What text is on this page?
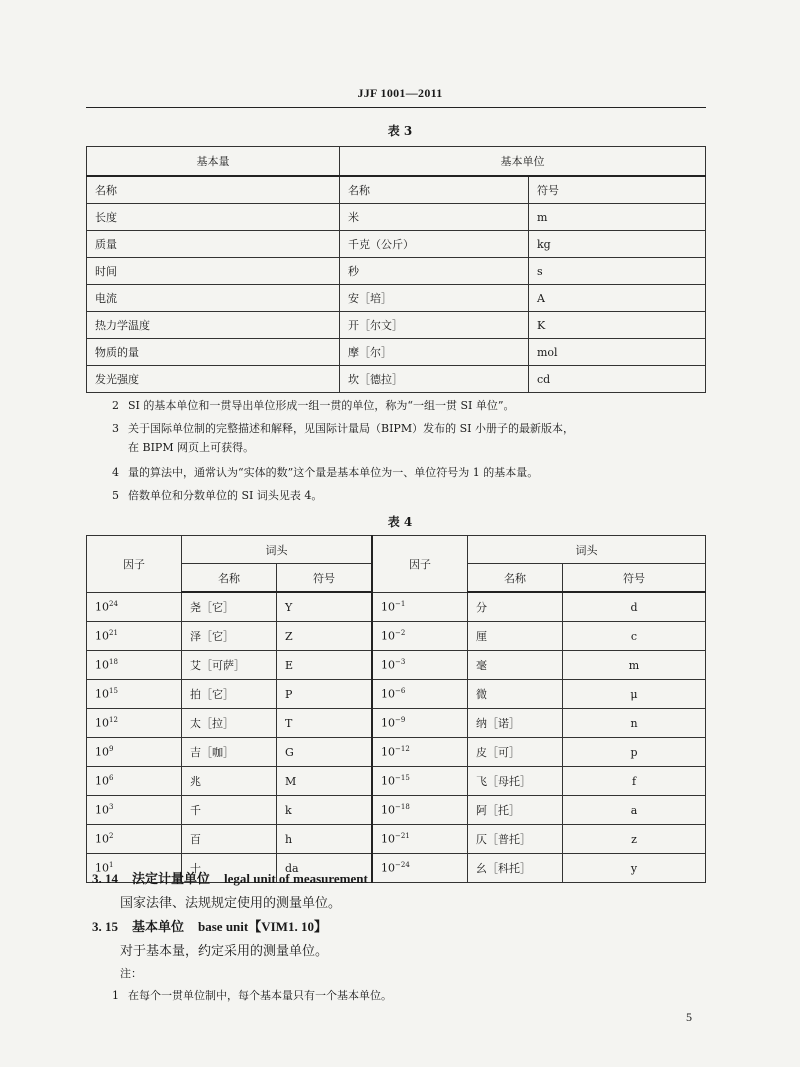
JJF 1001—2011
表 3
基本量	基本单位	
名称	名称	符号
长度	米	m
质量	千克（公斤）	kg
时间	秒	s
电流	安［培］	A
热力学温度	开［尔文］	K
物质的量	摩［尔］	mol
发光强度	坎［德拉］	cd
2 SI 的基本单位和一贯导出单位形成一组一贯的单位，称为“一组一贯 SI 单位”。
3 关于国际单位制的完整描述和解释，见国际计量局（BIPM）发布的 SI 小册子的最新版本，
在 BIPM 网页上可获得。
4 量的算法中，通常认为“实体的数”这个量是基本单位为一、单位符号为 1 的基本量。
5 倍数单位和分数单位的 SI 词头见表 4。
表 4
因子	词头		因子	词头	
	名称	符号		名称	符号
$10^{24}$	尧［它］	Y	$10^{-1}$	分	d
$10^{21}$	泽［它］	Z	$10^{-2}$	厘	c
$10^{18}$	艾［可萨］	E	$10^{-3}$	毫	m
$10^{15}$	拍［它］	P	$10^{-6}$	微	μ
$10^{12}$	太［拉］	T	$10^{-9}$	纳［诺］	n
$10^9$	吉［咖］	G	$10^{-12}$	皮［可］	p
$10^6$	兆	M	$10^{-15}$	飞［母托］	f
$10^3$	千	k	$10^{-18}$	阿［托］	a
$10^2$	百	h	$10^{-21}$	仄［普托］	z
$10^1$	十	da	$10^{-24}$	幺［科托］	y
3. 14 法定计量单位 legal unit of measurement
国家法律、法规规定使用的测量单位。
3. 15 基本单位 base unit【VIM1. 10】
对于基本量，约定采用的测量单位。
注：
1 在每个一贯单位制中，每个基本量只有一个基本单位。
5
